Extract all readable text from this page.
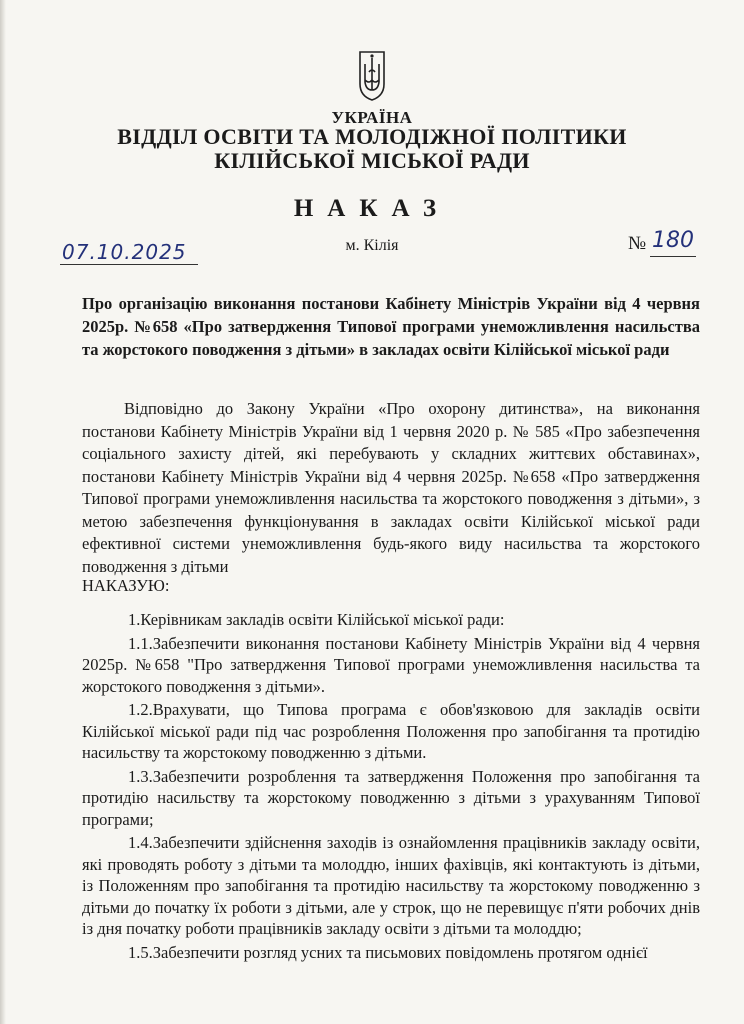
УКРАЇНА
ВІДДІЛ ОСВІТИ ТА МОЛОДІЖНОЇ ПОЛІТИКИ
КІЛІЙСЬКОЇ МІСЬКОЇ РАДИ
НАКАЗ
07.10.2025	м. Кілія	№ 180
Про організацію виконання постанови Кабінету Міністрів України від 4 червня 2025р. №658 «Про затвердження Типової програми унеможливлення насильства та жорстокого поводження з дітьми» в закладах освіти Кілійської міської ради
Відповідно до Закону України «Про охорону дитинства», на виконання постанови Кабінету Міністрів України від 1 червня 2020 р. № 585 «Про забезпечення соціального захисту дітей, які перебувають у складних життєвих обставинах», постанови Кабінету Міністрів України від 4 червня 2025р. №658 «Про затвердження Типової програми унеможливлення насильства та жорстокого поводження з дітьми», з метою забезпечення функціонування в закладах освіти Кілійської міської ради ефективної системи унеможливлення будь-якого виду насильства та жорстокого поводження з дітьми
НАКАЗУЮ:

1.Керівникам закладів освіти Кілійської міської ради:

1.1.Забезпечити виконання постанови Кабінету Міністрів України від 4 червня 2025р. №658 "Про затвердження Типової програми унеможливлення насильства та жорстокого поводження з дітьми».

1.2.Врахувати, що Типова програма є обов'язковою для закладів освіти Кілійської міської ради під час розроблення Положення про запобігання та протидію насильству та жорстокому поводженню з дітьми.

1.3.Забезпечити розроблення та затвердження Положення про запобігання та протидію насильству та жорстокому поводженню з дітьми з урахуванням Типової програми;

1.4.Забезпечити здійснення заходів із ознайомлення працівників закладу освіти, які проводять роботу з дітьми та молоддю, інших фахівців, які контактують із дітьми, із Положенням про запобігання та протидію насильству та жорстокому поводженню з дітьми до початку їх роботи з дітьми, але у строк, що не перевищує п'яти робочих днів із дня початку роботи працівників закладу освіти з дітьми та молоддю;

1.5.Забезпечити розгляд усних та письмових повідомлень протягом однієї
